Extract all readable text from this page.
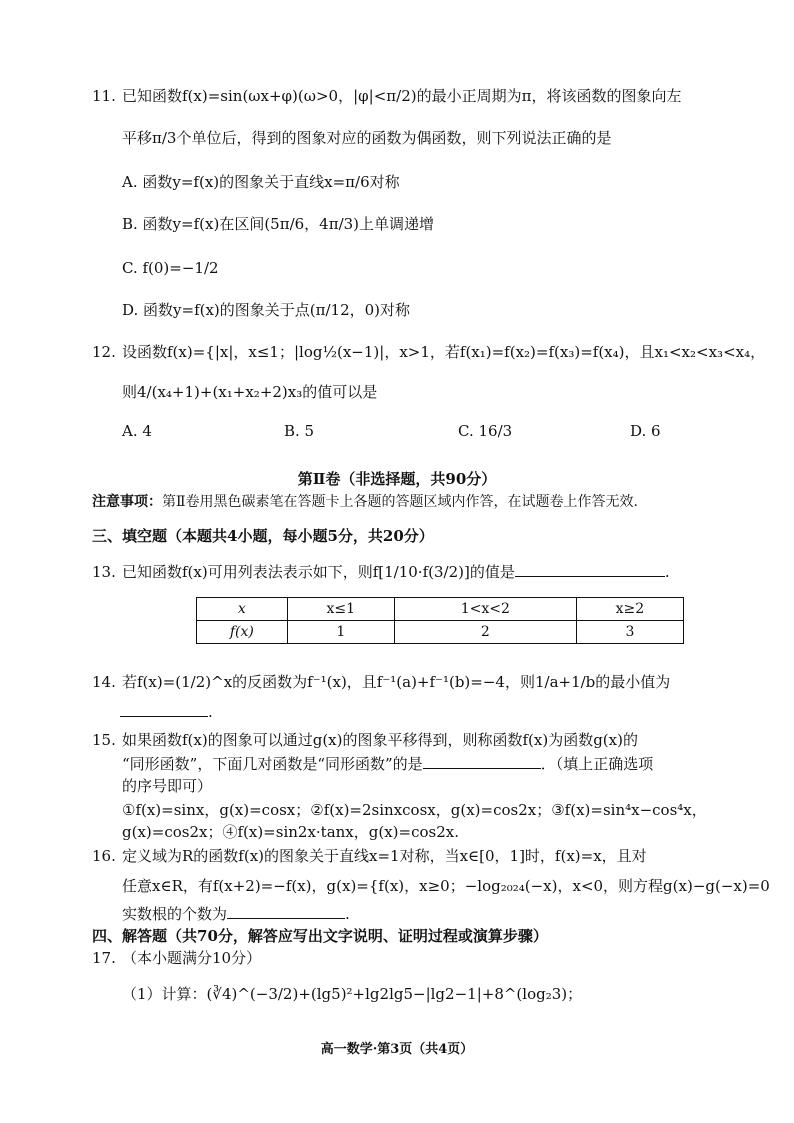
11. 已知函数f(x)=sin(ωx+φ)(ω>0，|φ|<π/2)的最小正周期为π，将该函数的图象向左
平移π/3个单位后，得到的图象对应的函数为偶函数，则下列说法正确的是
A. 函数y=f(x)的图象关于直线x=π/6对称
B. 函数y=f(x)在区间(5π/6，4π/3)上单调递增
C. f(0)=−1/2
D. 函数y=f(x)的图象关于点(π/12，0)对称
12. 设函数f(x)={|x|，x≤1；|log½(x−1)|，x>1，若f(x₁)=f(x₂)=f(x₃)=f(x₄)，且x₁<x₂<x₃<x₄，
则4/(x₄+1)+(x₁+x₂+2)x₃的值可以是
A. 4	B. 5	C. 16/3	D. 6
第Ⅱ卷（非选择题，共90分）
注意事项：第Ⅱ卷用黑色碳素笔在答题卡上各题的答题区域内作答，在试题卷上作答无效.
三、填空题（本题共4小题，每小题5分，共20分）
13. 已知函数f(x)可用列表法表示如下，则f[1/10·f(3/2)]的值是	.
x	x≤1	1<x<2	x≥2
f(x)	1	2	3
14. 若f(x)=(1/2)^x的反函数为f⁻¹(x)，且f⁻¹(a)+f⁻¹(b)=−4，则1/a+1/b的最小值为
.
15. 如果函数f(x)的图象可以通过g(x)的图象平移得到，则称函数f(x)为函数g(x)的
“同形函数”，下面几对函数是“同形函数”的是	．（填上正确选项
的序号即可）
①f(x)=sinx，g(x)=cosx；②f(x)=2sinxcosx，g(x)=cos2x；③f(x)=sin⁴x−cos⁴x，
g(x)=cos2x；④f(x)=sin2x·tanx，g(x)=cos2x.
16. 定义域为R的函数f(x)的图象关于直线x=1对称，当x∈[0，1]时，f(x)=x，且对
任意x∈R，有f(x+2)=−f(x)，g(x)={f(x)，x≥0；−log₂₀₂₄(−x)，x<0，则方程g(x)−g(−x)=0
实数根的个数为	.
四、解答题（共70分，解答应写出文字说明、证明过程或演算步骤）
17. （本小题满分10分）
（1）计算：(∛4)^(−3/2)+(lg5)²+lg2lg5−|lg2−1|+8^(log₂3)；
高一数学·第3页（共4页）
